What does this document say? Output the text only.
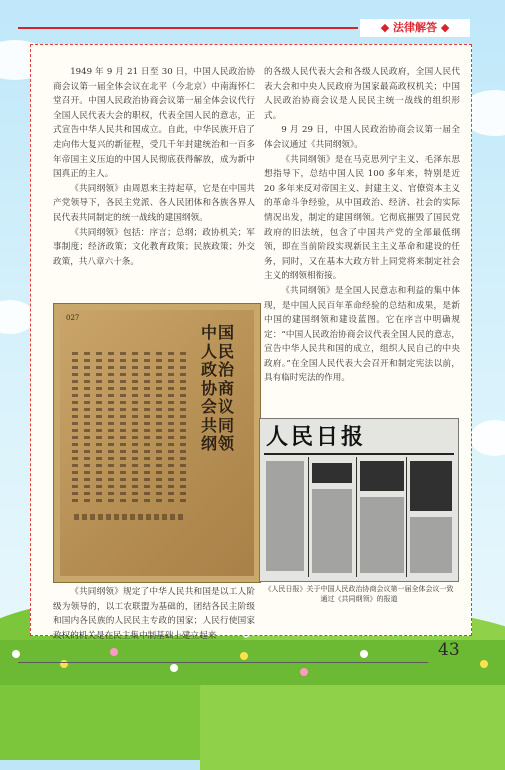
◆ 法律解答 ◆

1949 年 9 月 21 日至 30 日，中国人民政治协商会议第一届全体会议在北平（今北京）中南海怀仁堂召开。中国人民政治协商会议第一届全体会议代行全国人民代表大会的职权，代表全国人民的意志，正式宣告中华人民共和国成立。自此，中华民族开启了走向伟大复兴的新征程，受几千年封建统治和一百多年帝国主义压迫的中国人民彻底获得解放，成为新中国真正的主人。

《共同纲领》由周恩来主持起草，它是在中国共产党领导下，各民主党派、各人民团体和各族各界人民代表共同制定的统一战线的建国纲领。

《共同纲领》包括：序言；总纲；政协机关；军事制度；经济政策；文化教育政策；民族政策；外交政策，共八章六十条。

027
中国人民政治协商会议共同纲领

《共同纲领》规定了中华人民共和国是以工人阶级为领导的，以工农联盟为基础的，团结各民主阶级和国内各民族的人民民主专政的国家；人民行使国家政权的机关是在民主集中制基础上建立起来

的各级人民代表大会和各级人民政府，全国人民代表大会和中央人民政府为国家最高政权机关；中国人民政治协商会议是人民民主统一战线的组织形式。

9 月 29 日，中国人民政治协商会议第一届全体会议通过《共同纲领》。

《共同纲领》是在马克思列宁主义、毛泽东思想指导下，总结中国人民 100 多年来，特别是近 20 多年来反对帝国主义、封建主义、官僚资本主义的革命斗争经验，从中国政治、经济、社会的实际情况出发，制定的建国纲领。它彻底摧毁了国民党政府的旧法统，包含了中国共产党的全部最低纲领，即在当前阶段实现新民主主义革命和建设的任务，同时，又在基本大政方针上同党将来制定社会主义的纲领相衔接。

《共同纲领》是全国人民意志和利益的集中体现，是中国人民百年革命经验的总结和成果，是新中国的建国纲领和建设蓝图。它在序言中明确规定：“中国人民政治协商会议代表全国人民的意志，宣告中华人民共和国的成立，组织人民自己的中央政府。”在全国人民代表大会召开和制定宪法以前，具有临时宪法的作用。

人民日报
《人民日报》关于中国人民政治协商会议第一届全体会议一致通过《共同纲领》的报道
43
